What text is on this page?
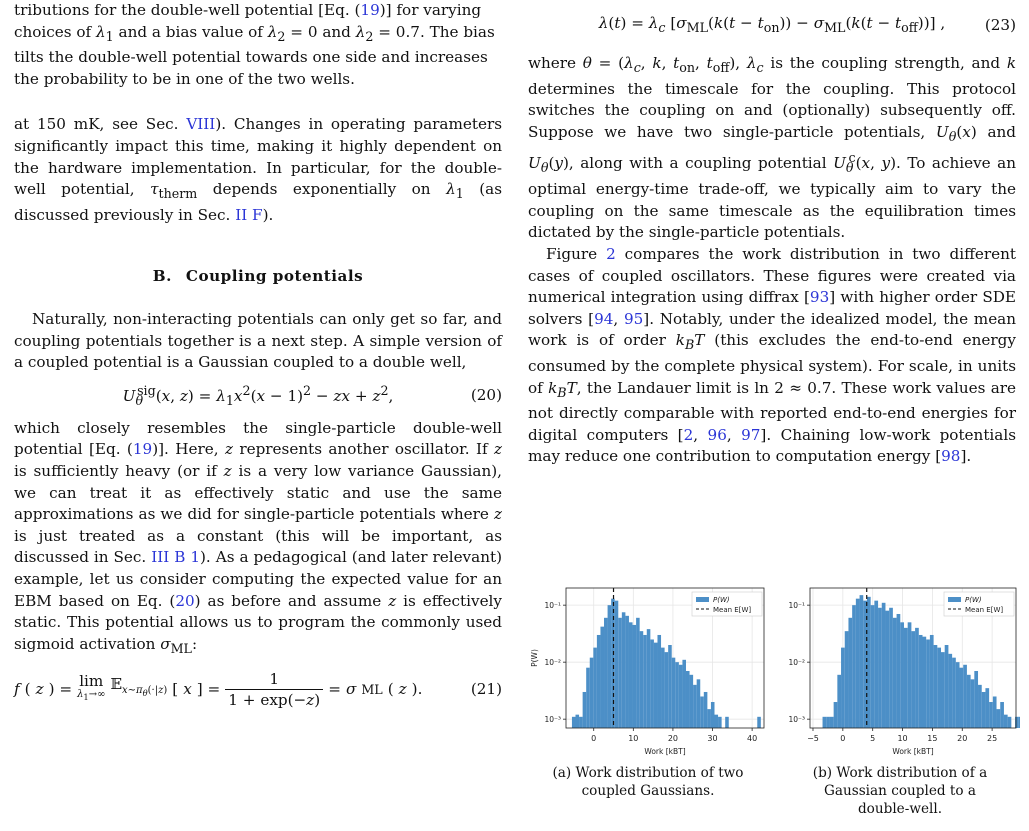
tributions for the double-well potential [Eq. (19)] for varying
choices of $\lambda_1$ and a bias value of $\lambda_2 = 0$ and $\lambda_2 = 0.7$. The bias
tilts the double-well potential towards one side and increases
the probability to be in one of the two wells.

at 150 mK, see Sec. VIII). Changes in operating parameters significantly impact this time, making it highly dependent on the hardware implementation. In particular, for the double-well potential, $\tau_{therm}$ depends exponentially on $\lambda_1$ (as discussed previously in Sec. II F).

B. Coupling potentials

Naturally, non-interacting potentials can only get so far, and coupling potentials together is a next step. A simple version of a coupled potential is a Gaussian coupled to a double well,

$U_\theta^{sig}(x$, $z) = \lambda_1x^2(x - 1)^2$ − zx + $z^2$,	(20)

which closely resembles the single-particle double-well potential [Eq. (19)]. Here, z represents another oscillator. If z is sufficiently heavy (or if z is a very low variance Gaussian), we can treat it as effectively static and use the same approximations as we did for single-particle potentials where z is just treated as a constant (this will be important, as discussed in Sec. III B 1). As a pedagogical (and later relevant) example, let us consider computing the expected value for an EBM based on Eq. (20) as before and assume z is effectively static. This potential allows us to program the commonly used sigmoid activation $\sigma_{ML}$:

f ( z ) = lim
$\lambda_1\to\infty$
𝔼$_{x\sim\pi_\theta(\cdot|z)}$ [ x ] =
1
1 + exp(−z)
= σ ML ( z ).	(21)
$\lambda(t) = \lambda_c$ $[\sigma_{ML}(k(t - t_{on})) - \sigma_{ML}(k(t - t_{off}))]$ ,	(23)

where $\theta = (\lambda_c$, k, $t_{on}$, $t_{off}$), $\lambda_c$ is the coupling strength, and k determines the timescale for the coupling. This protocol switches the coupling on and (optionally) subsequently off. Suppose we have two single-particle potentials, $U_\theta(x)$ and $U_\theta(y)$, along with a coupling potential $U_\theta^c(x$, y). To achieve an optimal energy-time trade-off, we typically aim to vary the coupling on the same timescale as the equilibration times dictated by the single-particle potentials.

Figure 2 compares the work distribution in two different cases of coupled oscillators. These figures were created via numerical integration using diffrax [93] with higher order SDE solvers [94, 95]. Notably, under the idealized model, the mean work is of order $k_BT$ (this excludes the end-to-end energy consumed by the complete physical system). For scale, in units of $k_BT$, the Landauer limit is ln 2 ≈ 0.7. These work values are not directly comparable with reported end-to-end energies for digital computers [2, 96, 97]. Chaining low-work potentials may reduce one contribution to computation energy [98].

0	10	20	30	40
10⁻³
10⁻²
10⁻¹
Work [kBT]
P(W)
P(W)
Mean E[W]
(a) Work distribution of two
coupled Gaussians.
−5	0	5	10 15 20 25
10⁻³
10⁻²
10⁻¹
Work [kBT]
P(W)
Mean E[W]
(b) Work distribution of a
Gaussian coupled to a
double-well.
